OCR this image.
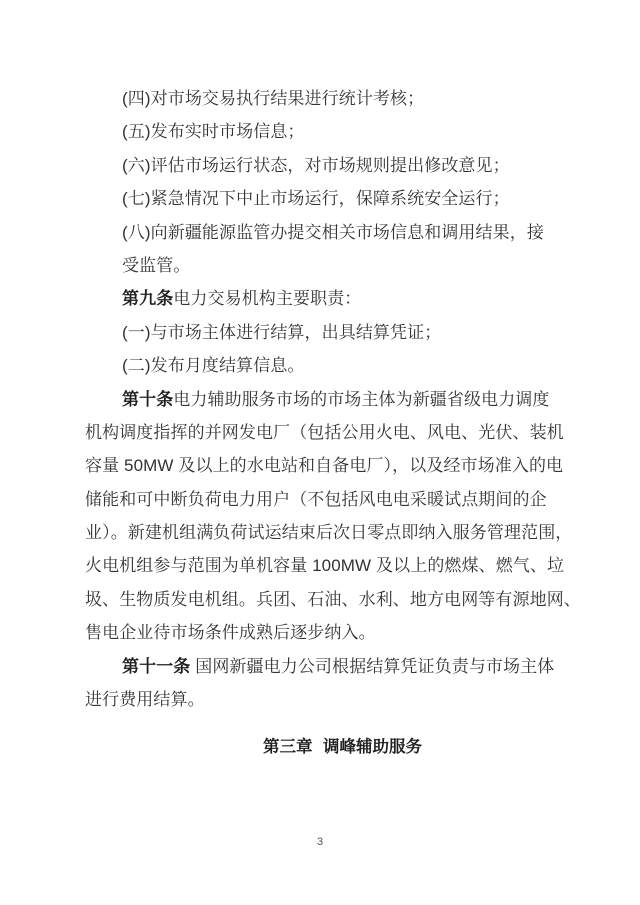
(四)对市场交易执行结果进行统计考核；
(五)发布实时市场信息；
(六)评估市场运行状态，对市场规则提出修改意见；
(七)紧急情况下中止市场运行，保障系统安全运行；
(八)向新疆能源监管办提交相关市场信息和调用结果，接
受监管。
第九条电力交易机构主要职责：
(一)与市场主体进行结算，出具结算凭证；
(二)发布月度结算信息。
第十条电力辅助服务市场的市场主体为新疆省级电力调度
机构调度指挥的并网发电厂（包括公用火电、风电、光伏、装机
容量 50MW 及以上的水电站和自备电厂），以及经市场准入的电
储能和可中断负荷电力用户（不包括风电电采暖试点期间的企
业）。新建机组满负荷试运结束后次日零点即纳入服务管理范围，
火电机组参与范围为单机容量 100MW 及以上的燃煤、燃气、垃
圾、生物质发电机组。兵团、石油、水利、地方电网等有源地网、
售电企业待市场条件成熟后逐步纳入。
第十一条 国网新疆电力公司根据结算凭证负责与市场主体
进行费用结算。
第三章 调峰辅助服务
3
